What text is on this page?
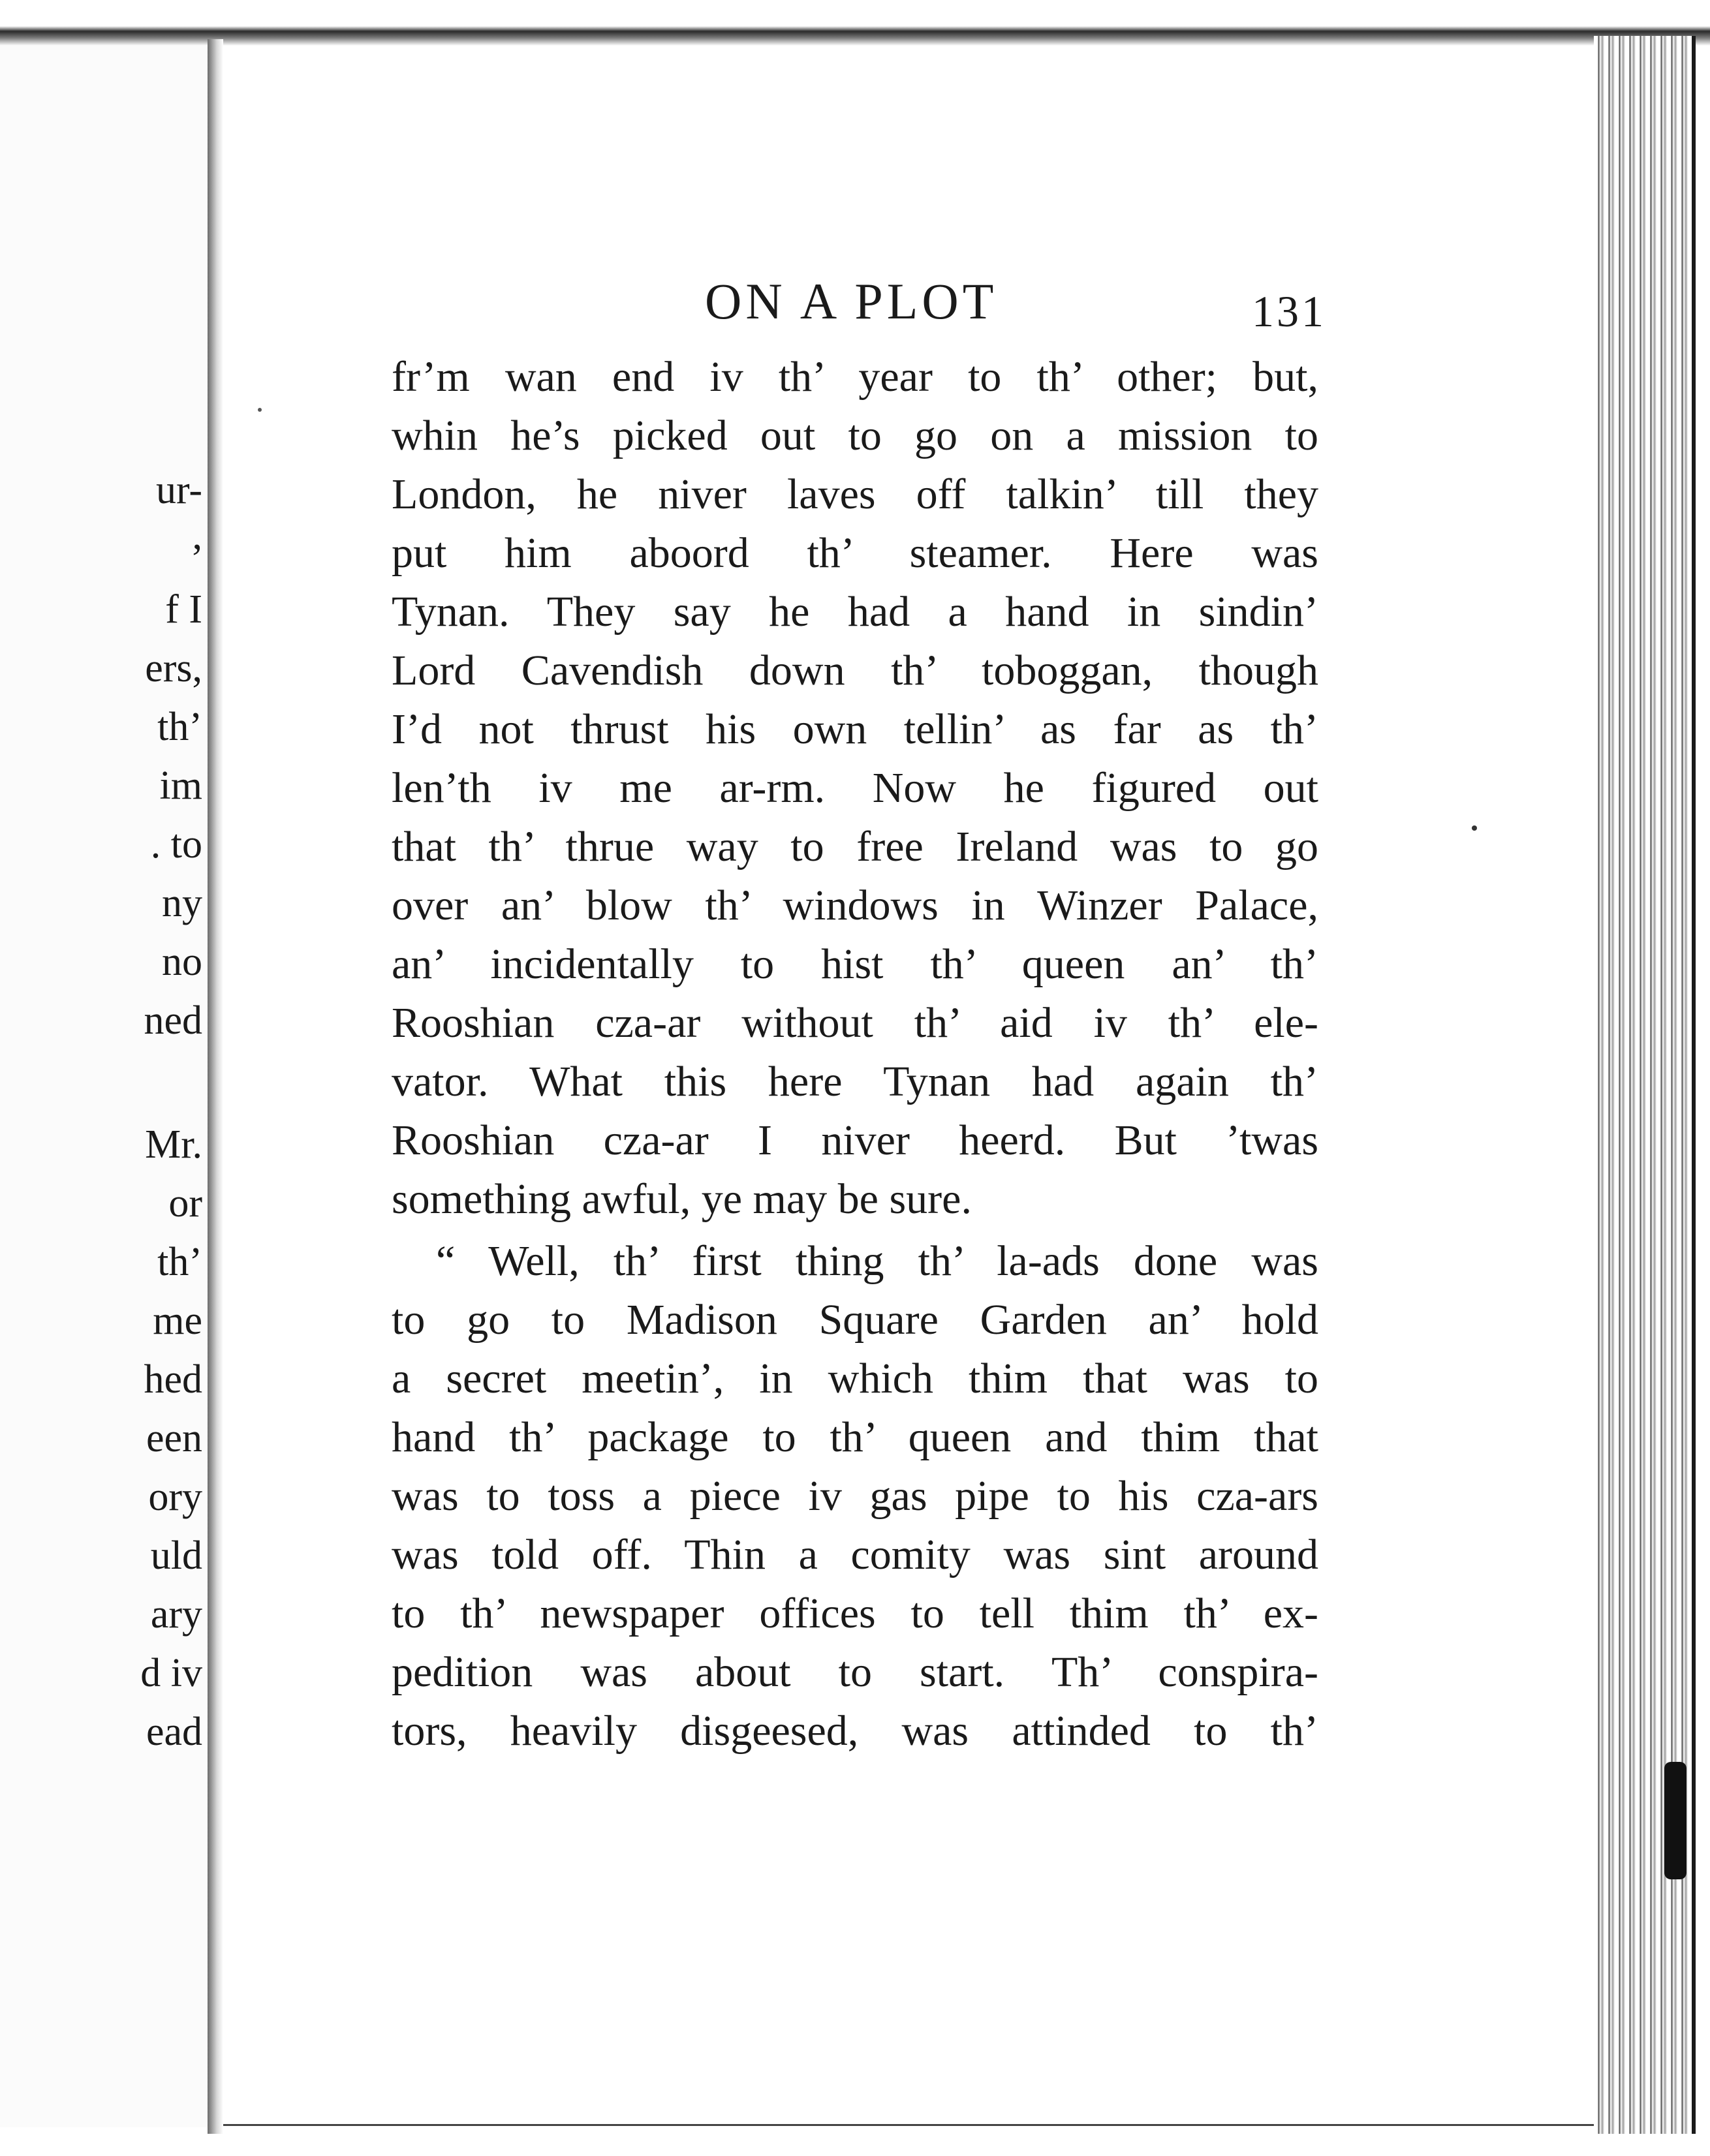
ur-
,
f I
ers,
th’
im
. to
ny
no
ned
Mr.
or
th’
me
hed
een
ory
uld
ary
d iv
ead
ON A PLOT	131
fr’m wan end iv th’ year to th’ other; but,
whin he’s picked out to go on a mission to
London, he niver laves off talkin’ till they
put him aboord th’ steamer. Here was
Tynan. They say he had a hand in sindin’
Lord Cavendish down th’ toboggan, though
I’d not thrust his own tellin’ as far as th’
len’th iv me ar-rm. Now he figured out
that th’ thrue way to free Ireland was to go
over an’ blow th’ windows in Winzer Palace,
an’ incidentally to hist th’ queen an’ th’
Rooshian cza-ar without th’ aid iv th’ ele-
vator. What this here Tynan had again th’
Rooshian cza-ar I niver heerd. But ’twas
something awful, ye may be sure.
“ Well, th’ first thing th’ la-ads done was
to go to Madison Square Garden an’ hold
a secret meetin’, in which thim that was to
hand th’ package to th’ queen and thim that
was to toss a piece iv gas pipe to his cza-ars
was told off. Thin a comity was sint around
to th’ newspaper offices to tell thim th’ ex-
pedition was about to start. Th’ conspira-
tors, heavily disgeesed, was attinded to th’
